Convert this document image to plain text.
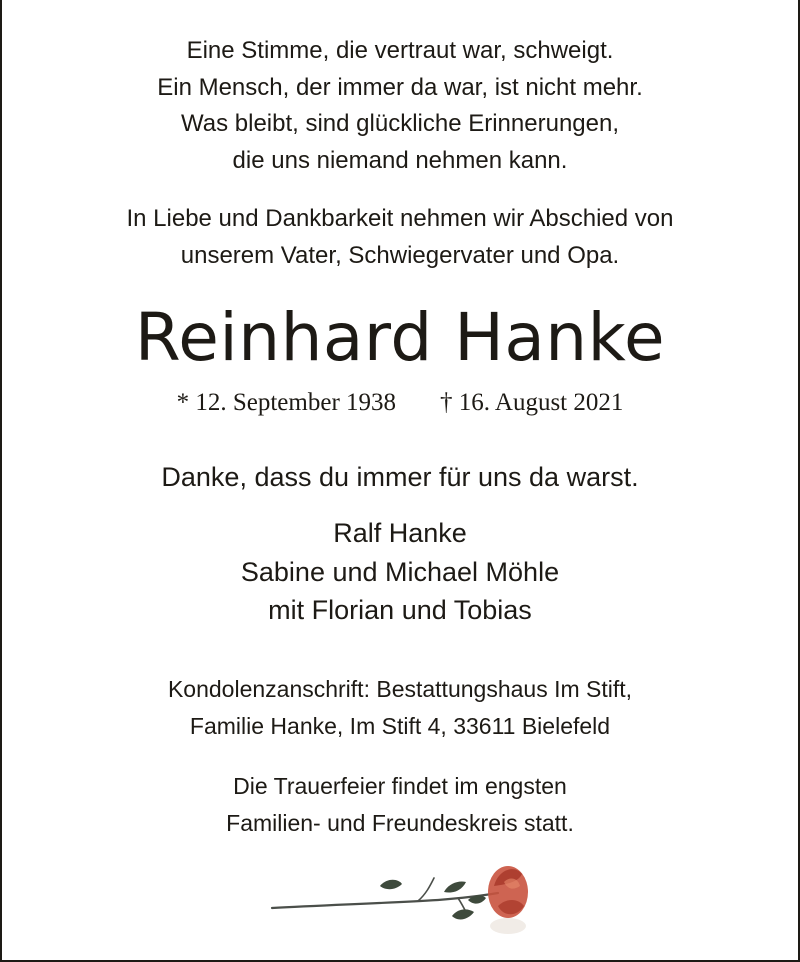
Eine Stimme, die vertraut war, schweigt.
Ein Mensch, der immer da war, ist nicht mehr.
Was bleibt, sind glückliche Erinnerungen,
die uns niemand nehmen kann.
In Liebe und Dankbarkeit nehmen wir Abschied von
unserem Vater, Schwiegervater und Opa.
Reinhard Hanke
* 12. September 1938 † 16. August 2021
Danke, dass du immer für uns da warst.
Ralf Hanke
Sabine und Michael Möhle
mit Florian und Tobias
Kondolenzanschrift: Bestattungshaus Im Stift,
Familie Hanke, Im Stift 4, 33611 Bielefeld
Die Trauerfeier findet im engsten
Familien- und Freundeskreis statt.
